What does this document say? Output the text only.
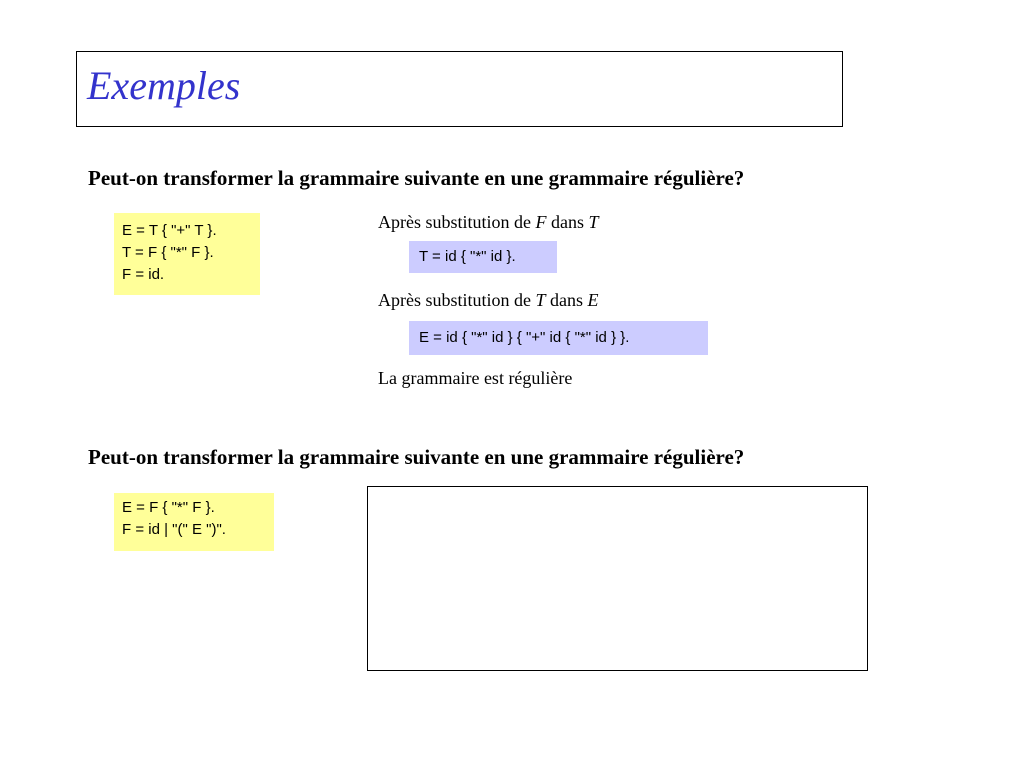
Exemples
Peut-on transformer la grammaire suivante en une grammaire régulière?
E = T { "+" T }.
T = F { "*" F }.
F = id.
Après substitution de F dans T
T = id { "*" id }.
Après substitution de T dans E
E = id { "*" id } { "+" id { "*" id } }.
La grammaire est régulière
Peut-on transformer la grammaire suivante en une grammaire régulière?
E = F { "*" F }.
F = id | "(" E ")".
